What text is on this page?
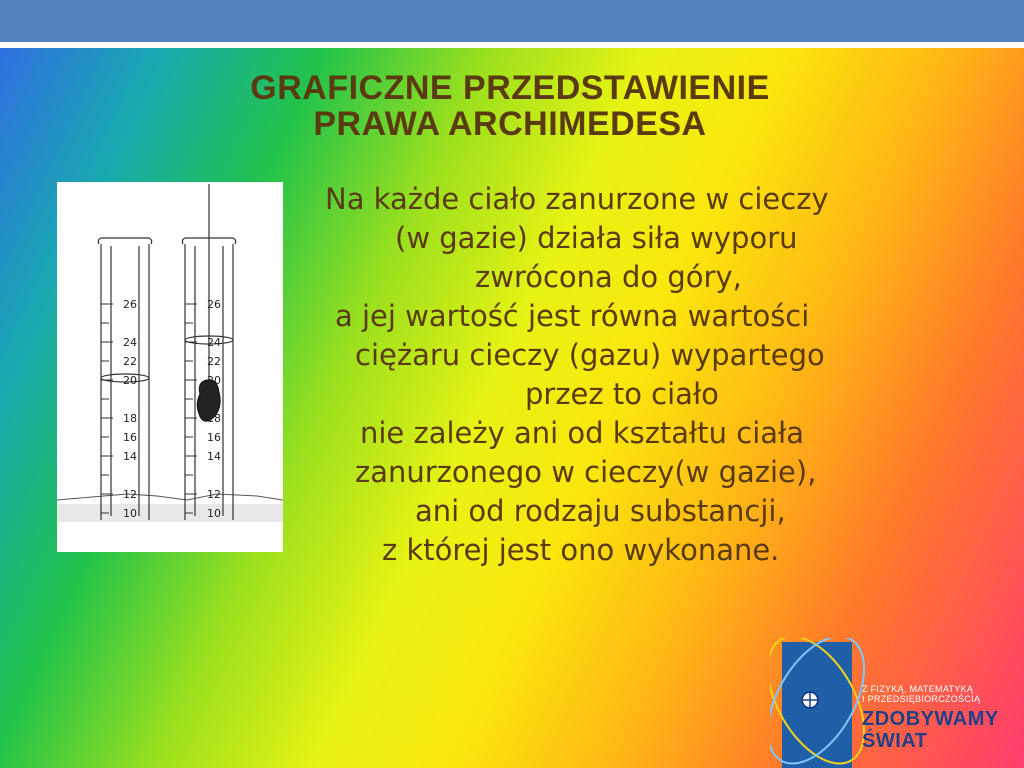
GRAFICZNE PRZEDSTAWIENIE
PRAWA ARCHIMEDESA
26
24
22
20
18
16
14
12
10
26
24
22
20
18
16
14
12
10

Na każde ciało zanurzone w cieczy
(w gazie) działa siła wyporu
zwrócona do góry,

a jej wartość jest równa wartości
ciężaru cieczy (gazu) wypartego
przez to ciało

nie zależy ani od kształtu ciała
zanurzonego w cieczy(w gazie),
ani od rodzaju substancji,

z której jest ono wykonane.

Z FIZYKĄ, MATEMATYKĄ
I PRZEDSIĘBIORCZOŚCIĄ
ZDOBYWAMY
ŚWIAT
